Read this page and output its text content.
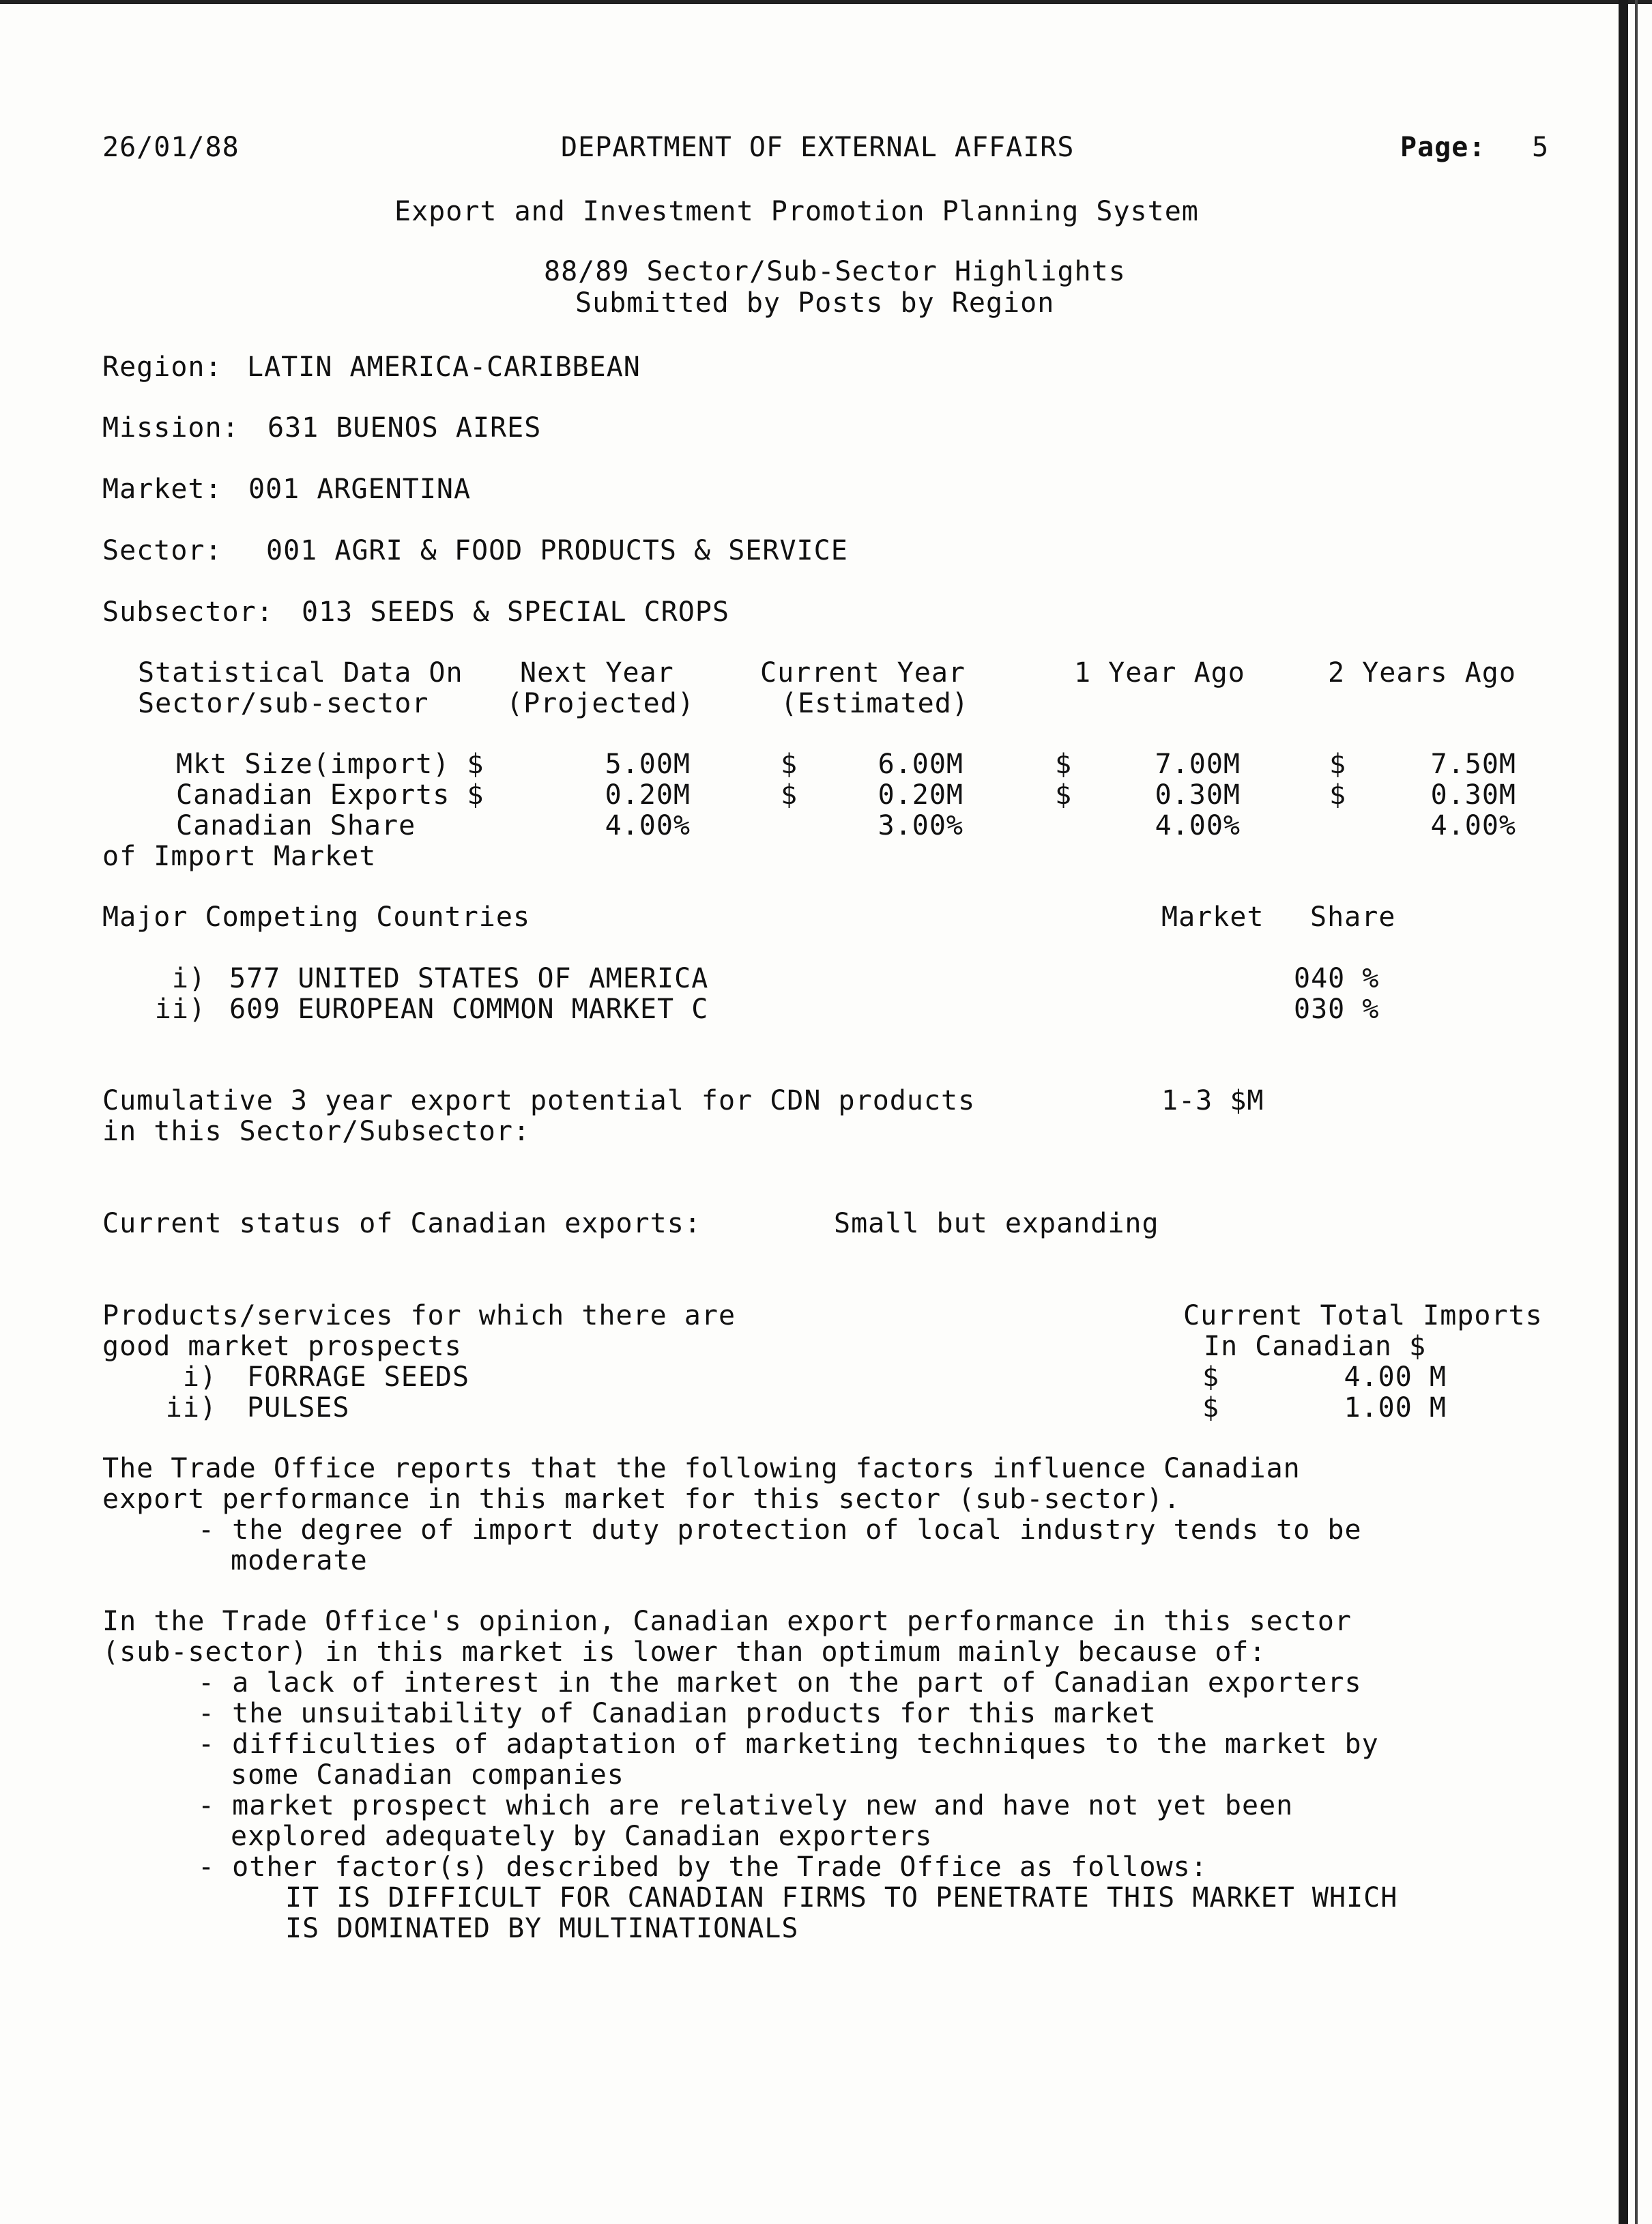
26/01/88	DEPARTMENT OF EXTERNAL AFFAIRS	Page: 5
Export and Investment Promotion Planning System
88/89 Sector/Sub-Sector Highlights
Submitted by Posts by Region
Region: LATIN AMERICA-CARIBBEAN
Mission: 631 BUENOS AIRES
Market: 001 ARGENTINA
Sector: 001 AGRI & FOOD PRODUCTS & SERVICE
Subsector: 013 SEEDS & SPECIAL CROPS
Statistical Data On Next Year	Current Year	1 Year Ago	2 Years Ago
Sector/sub-sector	(Projected)	(Estimated)
Mkt Size(import) $	5.00M	$	6.00M	$	7.00M	$	7.50M
Canadian Exports $	0.20M	$	0.20M	$	0.30M	$	0.30M
Canadian Share	4.00%	3.00%	4.00%	4.00%
of Import Market
Major Competing Countries	Market Share
i) 577 UNITED STATES OF AMERICA	040 %
ii) 609 EUROPEAN COMMON MARKET C	030 %
Cumulative 3 year export potential for CDN products
in this Sector/Subsector:
1-3 $M
Current status of Canadian exports:	Small but expanding
Products/services for which there are
good market prospects
Current Total Imports
In Canadian $
i) FORRAGE SEEDS	$	4.00 M
ii) PULSES	$	1.00 M
The Trade Office reports that the following factors influence Canadian
export performance in this market for this sector (sub-sector).
- the degree of import duty protection of local industry tends to be
moderate
In the Trade Office's opinion, Canadian export performance in this sector
(sub-sector) in this market is lower than optimum mainly because of:
- a lack of interest in the market on the part of Canadian exporters
- the unsuitability of Canadian products for this market
- difficulties of adaptation of marketing techniques to the market by
some Canadian companies
- market prospect which are relatively new and have not yet been
explored adequately by Canadian exporters
- other factor(s) described by the Trade Office as follows:
IT IS DIFFICULT FOR CANADIAN FIRMS TO PENETRATE THIS MARKET WHICH
IS DOMINATED BY MULTINATIONALS
